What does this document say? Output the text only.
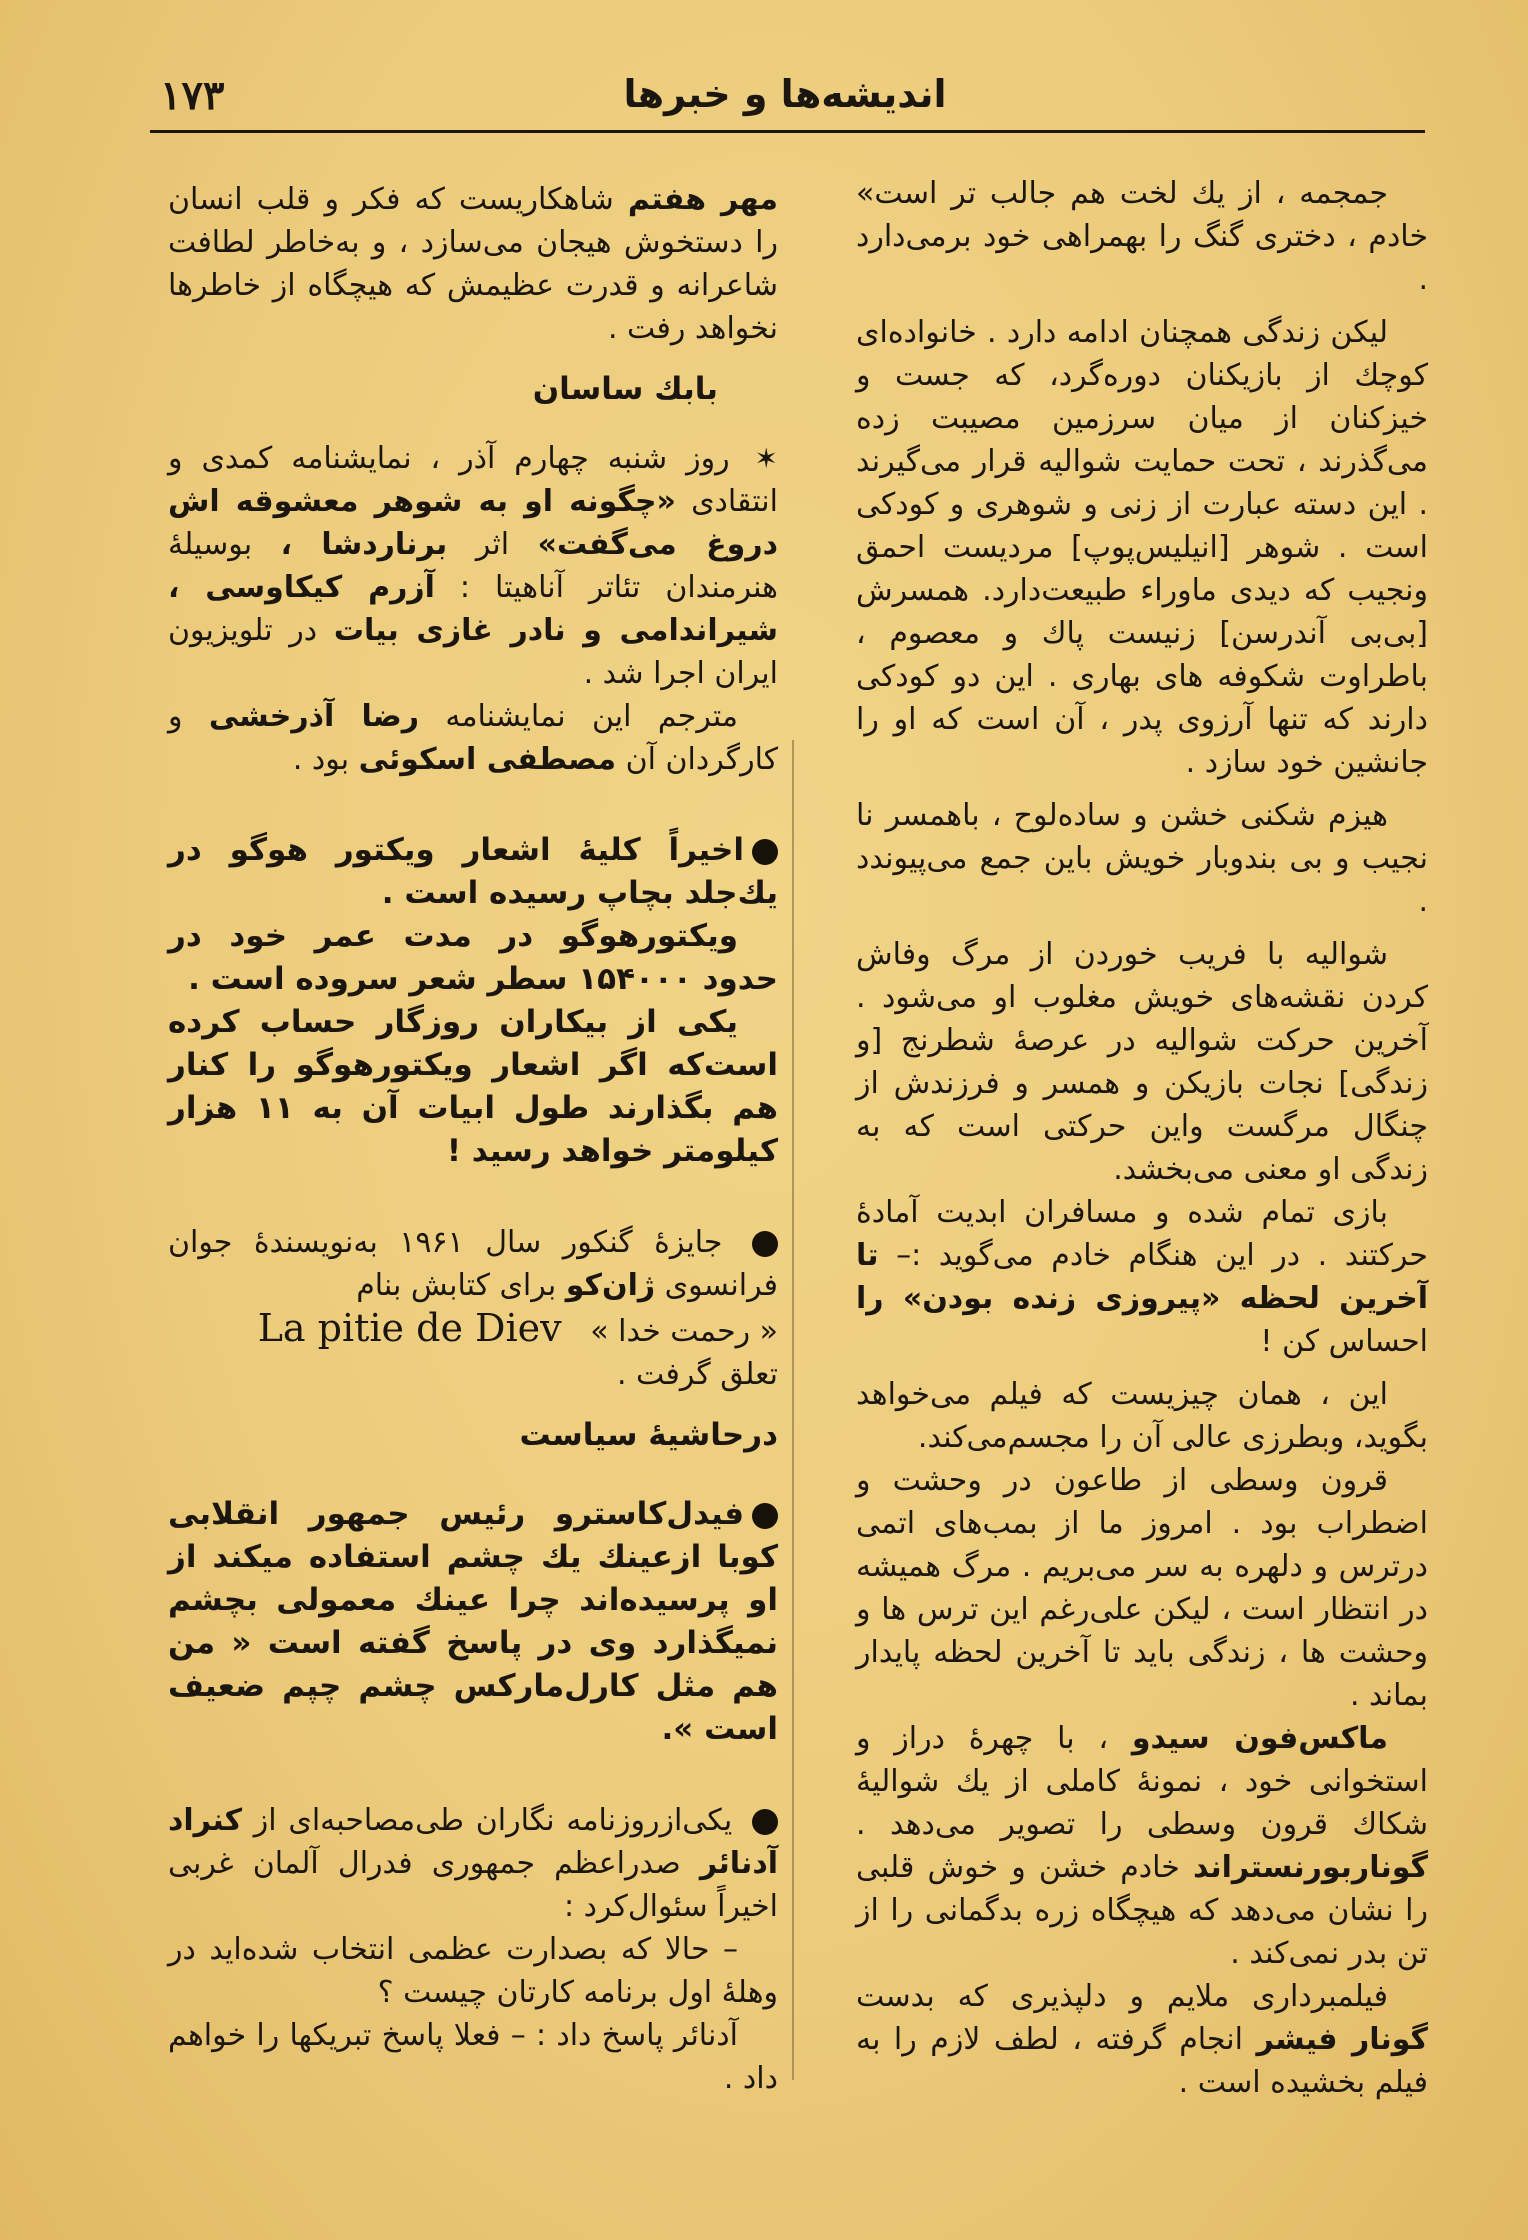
۱۷۳	اندیشه‌ها و خبرها

جمجمه ، از یك لخت هم جالب تر است» خادم ، دختری گنگ را بهمراهی خود برمی‌دارد .

لیکن زندگی همچنان ادامه دارد . خانواده‌ای کوچك از بازیکنان دوره‌گرد، که جست و خیزکنان از میان سرزمین مصیبت زده می‌گذرند ، تحت حمایت شوالیه قرار می‌گیرند . این دسته عبارت از زنی و شوهری و کودکی است . شوهر [انیلیس‌پوپ] مردیست احمق ونجیب که دیدی ماوراء طبیعت‌دارد. همسرش [بی‌بی آندرسن] زنیست پاك و معصوم ، باطراوت شکوفه های بهاری . این دو کودکی دارند که تنها آرزوی پدر ، آن است که او را جانشین خود سازد .

هیزم شکنی خشن و ساده‌لوح ، باهمسر نا نجیب و بی بندوبار خویش باین جمع می‌پیوندد .

شوالیه با فریب خوردن از مرگ وفاش کردن نقشه‌های خویش مغلوب او می‌شود . آخرین حرکت شوالیه در عرصهٔ شطرنج [و زندگی] نجات بازیکن و همسر و فرزندش از چنگال مرگست واین حرکتی است که به زندگی او معنی می‌بخشد.

بازی تمام شده و مسافران ابدیت آمادهٔ حرکتند . در این هنگام خادم می‌گوید :– تا آخرین لحظه «پیروزی زنده بودن» را احساس کن !

این ، همان چیزیست که فیلم می‌خواهد بگوید، وبطرزی عالی آن را مجسم‌می‌کند.

قرون وسطی از طاعون در وحشت و اضطراب بود . امروز ما از بمب‌های اتمی درترس و دلهره به سر می‌بریم . مرگ همیشه در انتظار است ، لیکن علی‌رغم این ترس ها و وحشت ها ، زندگی باید تا آخرین لحظه پایدار بماند .

ماکس‌فون سیدو ، با چهرهٔ دراز و استخوانی خود ، نمونهٔ کاملی از یك شوالیهٔ شکاك قرون وسطی را تصویر می‌دهد . گونار‌بورنستراند خادم خشن و خوش قلبی را نشان می‌دهد که هیچگاه زره بدگمانی را از تن بدر نمی‌کند .

فیلمبرداری ملایم و دلپذیری که بدست گونار فیشر انجام گرفته ، لطف لازم را به فیلم بخشیده است .

مهر هفتم شاهکاریست که فکر و قلب انسان را دستخوش هیجان می‌سازد ، و به‌خاطر لطافت شاعرانه و قدرت عظیمش که هیچگاه از خاطرها نخواهد رفت .

بابك ساسان

✶ روز شنبه چهارم آذر ، نمایشنامه کمدی و انتقادی «چگونه او به شوهر معشوقه اش دروغ می‌گفت» اثر برناردشا ، بوسیلهٔ هنرمندان تئاتر آناهیتا : آزرم کیکاوسی ، شیراندامی و نادر غازی بیات در تلویزیون ایران اجرا شد .

مترجم این نمایشنامه رضا آذرخشی و کارگردان آن مصطفی اسکوئی بود .

اخیراً کلیهٔ اشعار ویکتور هوگو در یك‌جلد بچاپ رسیده است .

ویکتورهوگو در مدت عمر خود در حدود ۱۵۴۰۰۰ سطر شعر سروده است .

یکی از بیکاران روزگار حساب کرده است‌که اگر اشعار ویکتورهوگو را کنار هم بگذارند طول ابیات آن به ۱۱ هزار کیلومتر خواهد رسید !

جایزهٔ گنکور سال ۱۹۶۱ به‌نویسندهٔ جوان فرانسوی ژان‌کو برای کتابش بنام

« رحمت خدا »   La pitie de Diev

تعلق گرفت .

درحاشیهٔ سیاست

فیدل‌کاسترو رئیس جمهور انقلابی کوبا ازعینك یك چشم استفاده میکند از او پرسیده‌اند چرا عینك معمولی بچشم نمیگذارد وی در پاسخ گفته است « من هم مثل کارل‌مارکس چشم چپم ضعیف است ».

یکی‌ازروزنامه نگاران طی‌مصاحبه‌ای از کنراد آدنائر صدراعظم جمهوری فدرال آلمان غربی اخیراً سئوال‌کرد :

– حالا که بصدارت عظمی انتخاب شده‌اید در وهلهٔ اول برنامه کارتان چیست ؟

آدنائر پاسخ داد : – فعلا پاسخ تبریکها را خواهم داد .
